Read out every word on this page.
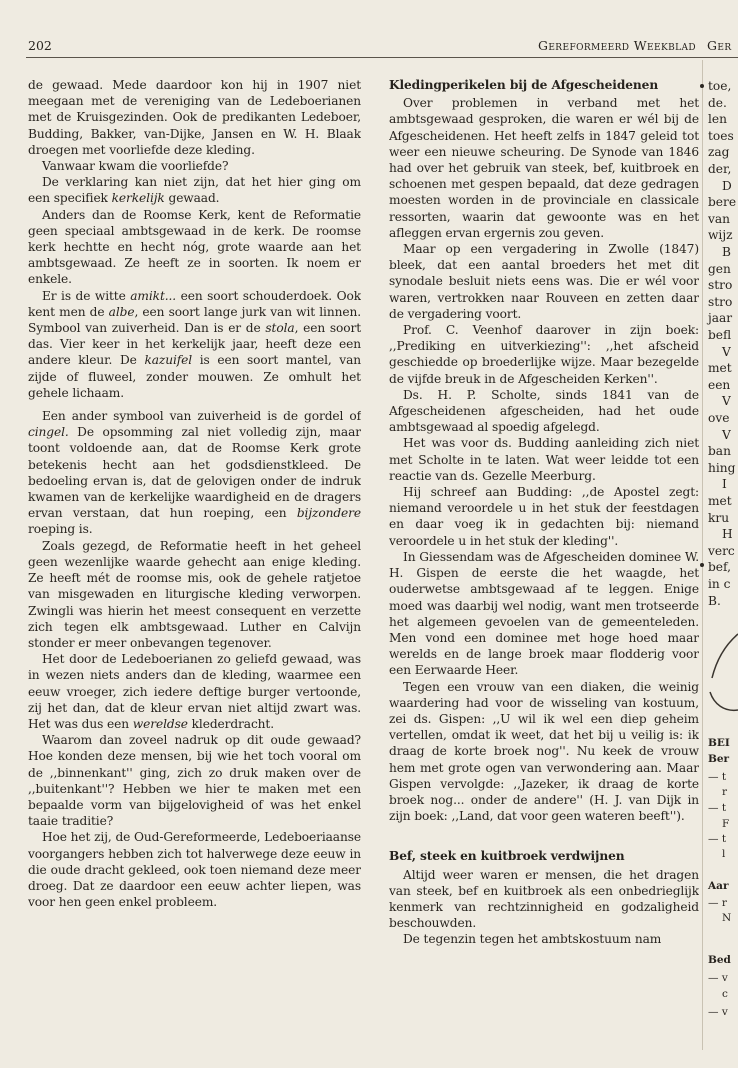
202	Gereformeerd Weekblad Ger

de gewaad. Mede daardoor kon hij in 1907 niet meegaan met de vereniging van de Ledeboerianen met de Kruisgezinden. Ook de predikanten Ledeboer, Budding, Bakker, van-Dijke, Jansen en W. H. Blaak droegen met voorliefde deze kleding.

Vanwaar kwam die voorliefde?

De verklaring kan niet zijn, dat het hier ging om een specifiek kerkelijk gewaad.

Anders dan de Roomse Kerk, kent de Reformatie geen speciaal ambtsgewaad in de kerk. De roomse kerk hechtte en hecht nóg, grote waarde aan het ambtsgewaad. Ze heeft ze in soorten. Ik noem er enkele.

Er is de witte amikt... een soort schouderdoek. Ook kent men de albe, een soort lange jurk van wit linnen. Symbool van zuiverheid. Dan is er de stola, een soort das. Vier keer in het kerkelijk jaar, heeft deze een andere kleur. De kazuifel is een soort mantel, van zijde of fluweel, zonder mouwen. Ze omhult het gehele lichaam.

Een ander symbool van zuiverheid is de gordel of cingel. De opsomming zal niet volledig zijn, maar toont voldoende aan, dat de Roomse Kerk grote betekenis hecht aan het godsdienstkleed. De bedoeling ervan is, dat de gelovigen onder de indruk kwamen van de kerkelijke waardigheid en de dragers ervan verstaan, dat hun roeping, een bijzondere roeping is.

Zoals gezegd, de Reformatie heeft in het geheel geen wezenlijke waarde gehecht aan enige kleding. Ze heeft mét de roomse mis, ook de gehele ratjetoe van misgewaden en liturgische kleding verworpen. Zwingli was hierin het meest consequent en verzette zich tegen elk ambtsgewaad. Luther en Calvijn stonder er meer onbevangen tegenover.

Het door de Ledeboerianen zo geliefd gewaad, was in wezen niets anders dan de kleding, waarmee een eeuw vroeger, zich iedere deftige burger vertoonde, zij het dan, dat de kleur ervan niet altijd zwart was. Het was dus een wereldse klederdracht.

Waarom dan zoveel nadruk op dit oude gewaad? Hoe konden deze mensen, bij wie het toch vooral om de ,,binnenkant'' ging, zich zo druk maken over de ,,buitenkant''? Hebben we hier te maken met een bepaalde vorm van bijgelovigheid of was het enkel taaie traditie?

Hoe het zij, de Oud-Gereformeerde, Ledeboeriaanse voorgangers hebben zich tot halverwege deze eeuw in die oude dracht gekleed, ook toen niemand deze meer droeg. Dat ze daardoor een eeuw achter liepen, was voor hen geen enkel probleem.

Kledingperikelen bij de Afgescheidenen

Over problemen in verband met het ambtsgewaad gesproken, die waren er wél bij de Afgescheidenen. Het heeft zelfs in 1847 geleid tot weer een nieuwe scheuring. De Synode van 1846 had over het gebruik van steek, bef, kuitbroek en schoenen met gespen bepaald, dat deze gedragen moesten worden in de provinciale en classicale ressorten, waarin dat gewoonte was en het afleggen ervan ergernis zou geven.

Maar op een vergadering in Zwolle (1847) bleek, dat een aantal broeders het met dit synodale besluit niets eens was. Die er wél voor waren, vertrokken naar Rouveen en zetten daar de vergadering voort.

Prof. C. Veenhof daarover in zijn boek: ,,Prediking en uitverkiezing'': ,,het afscheid geschiedde op broederlijke wijze. Maar bezegelde de vijfde breuk in de Afgescheiden Kerken''.

Ds. H. P. Scholte, sinds 1841 van de Afgescheidenen afgescheiden, had het oude ambtsgewaad al spoedig afgelegd.

Het was voor ds. Budding aanleiding zich niet met Scholte in te laten. Wat weer leidde tot een reactie van ds. Gezelle Meerburg.

Hij schreef aan Budding: ,,de Apostel zegt: niemand veroordele u in het stuk der feestdagen en daar voeg ik in gedachten bij: niemand veroordele u in het stuk der kleding''.

In Giessendam was de Afgescheiden dominee W. H. Gispen de eerste die het waagde, het ouderwetse ambtsgewaad af te leggen. Enige moed was daarbij wel nodig, want men trotseerde het algemeen gevoelen van de gemeenteleden. Men vond een dominee met hoge hoed maar werelds en de lange broek maar flodderig voor een Eerwaarde Heer.

Tegen een vrouw van een diaken, die weinig waardering had voor de wisseling van kostuum, zei ds. Gispen: ,,U wil ik wel een diep geheim vertellen, omdat ik weet, dat het bij u veilig is: ik draag de korte broek nog''. Nu keek de vrouw hem met grote ogen van verwondering aan. Maar Gispen vervolgde: ,,Jazeker, ik draag de korte broek nog... onder de andere'' (H. J. van Dijk in zijn boek: ,,Land, dat voor geen wateren beeft'').

Bef, steek en kuitbroek verdwijnen

Altijd weer waren er mensen, die het dragen van steek, bef en kuitbroek als een onbedrieglijk kenmerk van rechtzinnigheid en godzaligheid beschouwden.

De tegenzin tegen het ambtskostuum nam

toe,
de.
len
toes
zag
der,
D
bere
van
wijz
B
gen
stro
stro
jaar
befl
V
met
een
V
ove
V
ban
hing
I
met
kru
H
verc
bef,
in c
B.
BEI
Ber
— t
r
— t
F
— t
l
Aar
— r
N
Bed
— v
c
— v
